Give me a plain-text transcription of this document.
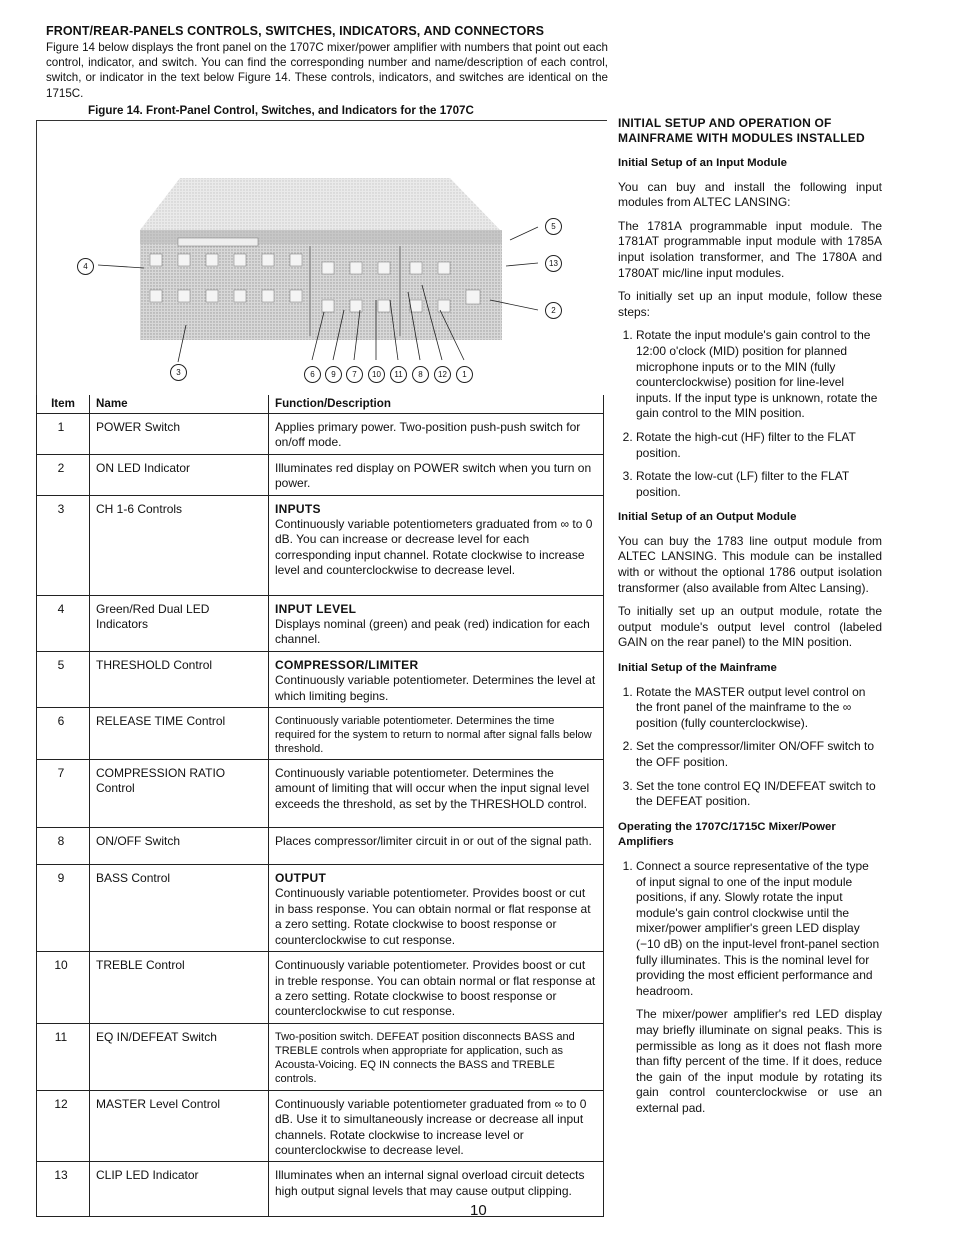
FRONT/REAR-PANELS CONTROLS, SWITCHES, INDICATORS, AND CONNECTORS
Figure 14 below displays the front panel on the 1707C mixer/power amplifier with numbers that point out each control, indicator, and switch. You can find the corresponding number and name/description of each control, switch, or indicator in the text below Figure 14. These controls, indicators, and switches are identical on the 1715C.
Figure 14. Front-Panel Control, Switches, and Indicators for the 1707C
4
5
13
2
3	6	9	7	10	11	8	12	1
Item	Name	Function/Description
1	POWER Switch	Applies primary power. Two-position push-push switch for on/off mode.
2	ON LED Indicator	Illuminates red display on POWER switch when you turn on power.
3	CH 1-6 Controls	INPUTS
Continuously variable potentiometers graduated from ∞ to 0 dB. You can increase or decrease level for each corresponding input channel. Rotate clockwise to increase level and counterclockwise to decrease level.
4	Green/Red Dual LED Indicators	INPUT LEVEL
Displays nominal (green) and peak (red) indication for each channel.
5	THRESHOLD Control	COMPRESSOR/LIMITER
Continuously variable potentiometer. Determines the level at which limiting begins.
6	RELEASE TIME Control	Continuously variable potentiometer. Determines the time required for the system to return to normal after signal falls below threshold.
7	COMPRESSION RATIO Control	Continuously variable potentiometer. Determines the amount of limiting that will occur when the input signal level exceeds the threshold, as set by the THRESHOLD control.
8	ON/OFF Switch	Places compressor/limiter circuit in or out of the signal path.
9	BASS Control	OUTPUT
Continuously variable potentiometer. Provides boost or cut in bass response. You can obtain normal or flat response at a zero setting. Rotate clockwise to boost response or counterclockwise to cut response.
10	TREBLE Control	Continuously variable potentiometer. Provides boost or cut in treble response. You can obtain normal or flat response at a zero setting. Rotate clockwise to boost response or counterclockwise to cut response.
11	EQ IN/DEFEAT Switch	Two-position switch. DEFEAT position disconnects BASS and TREBLE controls when appropriate for application, such as Acousta-Voicing. EQ IN connects the BASS and TREBLE controls.
12	MASTER Level Control	Continuously variable potentiometer graduated from ∞ to 0 dB. Use it to simultaneously increase or decrease all input channels. Rotate clockwise to increase level or counterclockwise to decrease level.
13	CLIP LED Indicator	Illuminates when an internal signal overload circuit detects high output signal levels that may cause output clipping.
INITIAL SETUP AND OPERATION OF MAINFRAME WITH MODULES INSTALLED
Initial Setup of an Input Module

You can buy and install the following input modules from ALTEC LANSING:

The 1781A programmable input module. The 1781AT programmable input module with 1785A input isolation transformer, and The 1780A and 1780AT mic/line input modules.

To initially set up an input module, follow these steps:

1. Rotate the input module's gain control to the 12:00 o'clock (MID) position for planned microphone inputs or to the MIN (fully counterclockwise) position for line-level inputs. If the input type is unknown, rotate the gain control to the MIN position.
2. Rotate the high-cut (HF) filter to the FLAT position.
3. Rotate the low-cut (LF) filter to the FLAT position.
Initial Setup of an Output Module

You can buy the 1783 line output module from ALTEC LANSING. This module can be installed with or without the optional 1786 output isolation transformer (also available from Altec Lansing).

To initially set up an output module, rotate the output module's output level control (labeled GAIN on the rear panel) to the MIN position.

Initial Setup of the Mainframe
1. Rotate the MASTER output level control on the front panel of the mainframe to the ∞ position (fully counterclockwise).
2. Set the compressor/limiter ON/OFF switch to the OFF position.
3. Set the tone control EQ IN/DEFEAT switch to the DEFEAT position.
Operating the 1707C/1715C Mixer/Power Amplifiers
1. Connect a source representative of the type of input signal to one of the input module positions, if any. Slowly rotate the input module's gain control clockwise until the mixer/power amplifier's green LED display (−10 dB) on the input-level front-panel section fully illuminates. This is the nominal level for providing the most efficient performance and headroom.

The mixer/power amplifier's red LED display may briefly illuminate on signal peaks. This is permissible as long as it does not flash more than fifty percent of the time. If it does, reduce the gain of the input module by rotating its gain control counterclockwise or use an external pad.

10
